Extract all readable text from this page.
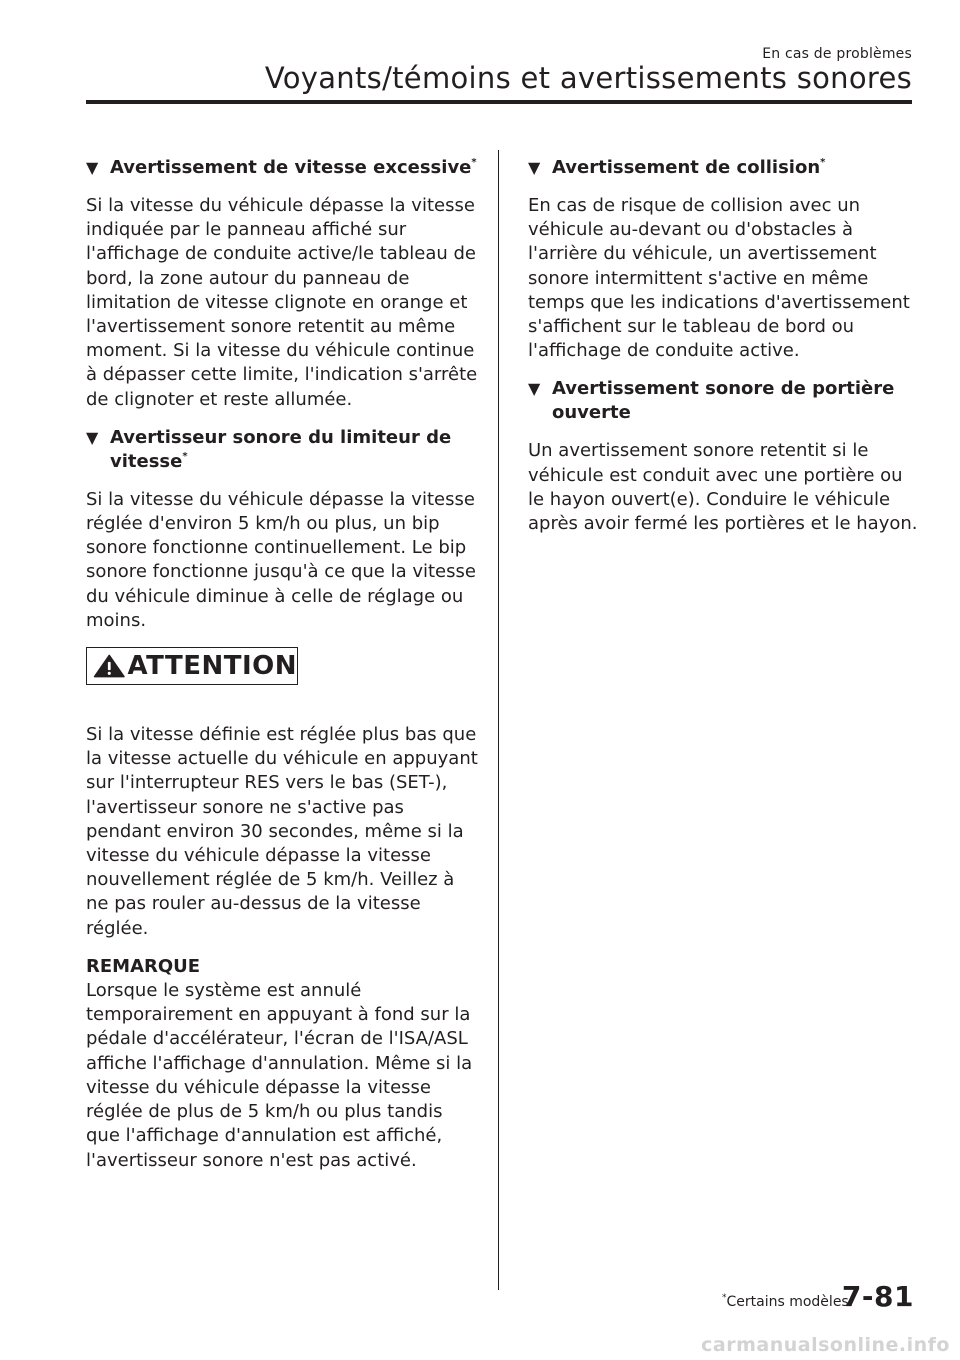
En cas de problèmes
Voyants/témoins et avertissements sonores
▼ Avertissement de vitesse excessive*

Si la vitesse du véhicule dépasse la vitesse indiquée par le panneau affiché sur l'affichage de conduite active/le tableau de bord, la zone autour du panneau de limitation de vitesse clignote en orange et l'avertissement sonore retentit au même moment. Si la vitesse du véhicule continue à dépasser cette limite, l'indication s'arrête de clignoter et reste allumée.

▼ Avertisseur sonore du limiteur de vitesse*

Si la vitesse du véhicule dépasse la vitesse réglée d'environ 5 km/h ou plus, un bip sonore fonctionne continuellement. Le bip sonore fonctionne jusqu'à ce que la vitesse du véhicule diminue à celle de réglage ou moins.

ATTENTION

Si la vitesse définie est réglée plus bas que la vitesse actuelle du véhicule en appuyant sur l'interrupteur RES vers le bas (SET-), l'avertisseur sonore ne s'active pas pendant environ 30 secondes, même si la vitesse du véhicule dépasse la vitesse nouvellement réglée de 5 km/h. Veillez à ne pas rouler au-dessus de la vitesse réglée.

REMARQUE

Lorsque le système est annulé temporairement en appuyant à fond sur la pédale d'accélérateur, l'écran de l'ISA/ASL affiche l'affichage d'annulation. Même si la vitesse du véhicule dépasse la vitesse réglée de plus de 5 km/h ou plus tandis que l'affichage d'annulation est affiché, l'avertisseur sonore n'est pas activé.

▼ Avertissement de collision*

En cas de risque de collision avec un véhicule au-devant ou d'obstacles à l'arrière du véhicule, un avertissement sonore intermittent s'active en même temps que les indications d'avertissement s'affichent sur le tableau de bord ou l'affichage de conduite active.

▼ Avertissement sonore de portière ouverte

Un avertissement sonore retentit si le véhicule est conduit avec une portière ou le hayon ouvert(e). Conduire le véhicule après avoir fermé les portières et le hayon.

*Certains modèles.
7-81
carmanualsonline.info
